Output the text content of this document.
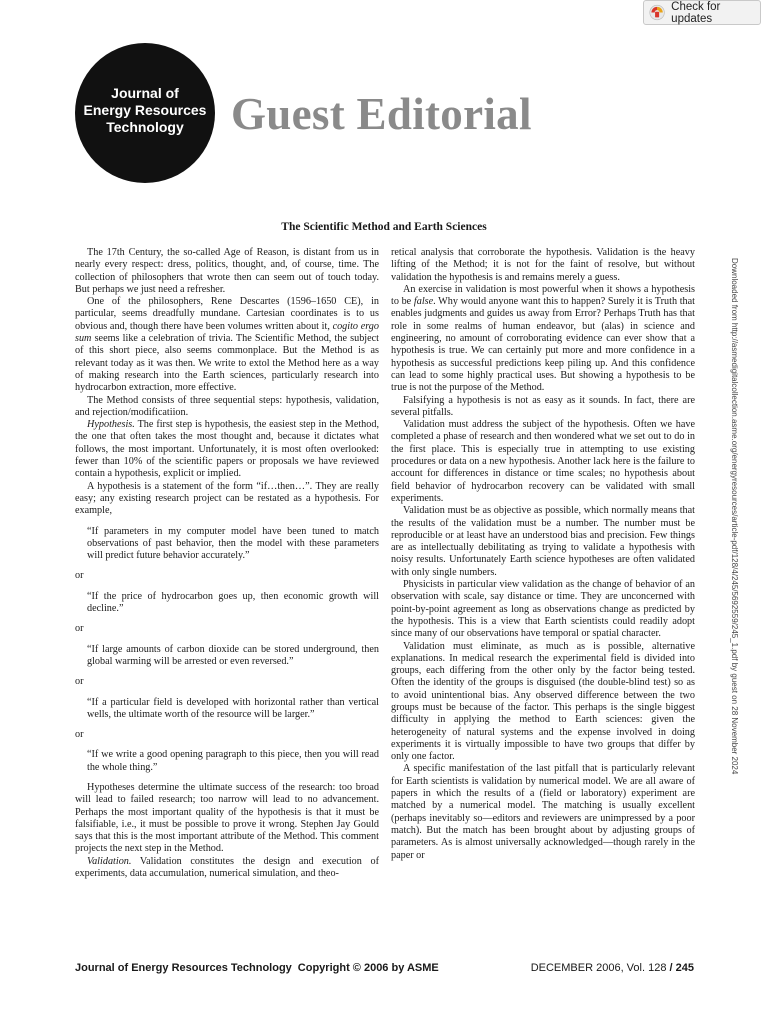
Check for updates
Journal of
Energy Resources
Technology Guest Editorial
The Scientific Method and Earth Sciences

The 17th Century, the so-called Age of Reason, is distant from us in nearly every respect: dress, politics, thought, and, of course, time. The collection of philosophers that wrote then can seem out of touch today. But perhaps we just need a refresher.

One of the philosophers, Rene Descartes (1596–1650 CE), in particular, seems dreadfully mundane. Cartesian coordinates is to us obvious and, though there have been volumes written about it, cogito ergo sum seems like a celebration of trivia. The Scientific Method, the subject of this short piece, also seems commonplace. But the Method is as relevant today as it was then. We write to extol the Method here as a way of making research into the Earth sciences, particularly research into hydrocarbon extraction, more effective.

The Method consists of three sequential steps: hypothesis, validation, and rejection/modificatiion.

Hypothesis. The first step is hypothesis, the easiest step in the Method, the one that often takes the most thought and, because it dictates what follows, the most important. Unfortunately, it is most often overlooked: fewer than 10% of the scientific papers or proposals we have reviewed contain a hypothesis, explicit or implied.

A hypothesis is a statement of the form “if…then…”. They are really easy; any existing research project can be restated as a hypothesis. For example,

“If parameters in my computer model have been tuned to match observations of past behavior, then the model with these parameters will predict future behavior accurately.”

or

“If the price of hydrocarbon goes up, then economic growth will decline.”

or

“If large amounts of carbon dioxide can be stored underground, then global warming will be arrested or even reversed.”

or

“If a particular field is developed with horizontal rather than vertical wells, the ultimate worth of the resource will be larger.”

or

“If we write a good opening paragraph to this piece, then you will read the whole thing.”

Hypotheses determine the ultimate success of the research: too broad will lead to failed research; too narrow will lead to no advancement. Perhaps the most important quality of the hypothesis is that it must be falsifiable, i.e., it must be possible to prove it wrong. Stephen Jay Gould says that this is the most important attribute of the Method. This comment projects the next step in the Method.

Validation. Validation constitutes the design and execution of experiments, data accumulation, numerical simulation, and theo-

retical analysis that corroborate the hypothesis. Validation is the heavy lifting of the Method; it is not for the faint of resolve, but without validation the hypothesis is and remains merely a guess.

An exercise in validation is most powerful when it shows a hypothesis to be false. Why would anyone want this to happen? Surely it is Truth that enables judgments and guides us away from Error? Perhaps Truth has that role in some realms of human endeavor, but (alas) in science and engineering, no amount of corroborating evidence can ever show that a hypothesis is true. We can certainly put more and more confidence in a hypothesis as successful predictions keep piling up. And this confidence can lead to some highly practical uses. But showing a hypothesis to be true is not the purpose of the Method.

Falsifying a hypothesis is not as easy as it sounds. In fact, there are several pitfalls.

Validation must address the subject of the hypothesis. Often we have completed a phase of research and then wondered what we set out to do in the first place. This is especially true in attempting to use existing procedures or data on a new hypothesis. Another lack here is the failure to account for differences in distance or time scales; no hypothesis about field behavior of hydrocarbon recovery can be validated with small experiments.

Validation must be as objective as possible, which normally means that the results of the validation must be a number. The number must be reproducible or at least have an understood bias and precision. Few things are as intellectually debilitating as trying to validate a hypothesis with noisy results. Unfortunately Earth science hypotheses are often validated with only single numbers.

Physicists in particular view validation as the change of behavior of an observation with scale, say distance or time. They are unconcerned with point-by-point agreement as long as observations change as predicted by the hypothesis. This is a view that Earth scientists could readily adopt since many of our observations have temporal or spatial character.

Validation must eliminate, as much as is possible, alternative explanations. In medical research the experimental field is divided into groups, each differing from the other only by the factor being tested. Often the identity of the groups is disguised (the double-blind test) so as to avoid unintentional bias. Any observed difference between the two groups must be because of the factor. This perhaps is the single biggest difficulty in applying the method to Earth sciences: given the heterogeneity of natural systems and the expense involved in doing experiments it is virtually impossible to have two groups that differ by only one factor.

A specific manifestation of the last pitfall that is particularly relevant for Earth scientists is validation by numerical model. We are all aware of papers in which the results of a (field or laboratory) experiment are matched by a numerical model. The matching is usually excellent (perhaps inevitably so—editors and reviewers are unimpressed by a poor match). But the match has been brought about by adjusting groups of parameters. As is almost universally acknowledged—though rarely in the paper or

Downloaded from http://asmedigitalcollection.asme.org/energyresources/article-pdf/128/4/245/5692559/245_1.pdf by guest on 28 November 2024
Journal of Energy Resources Technology Copyright © 2006 by ASME	DECEMBER 2006, Vol. 128 / 245
